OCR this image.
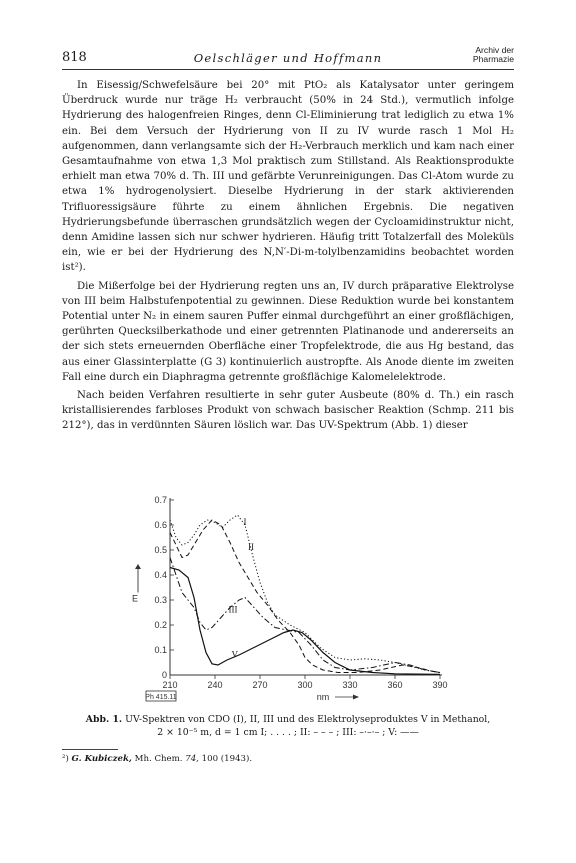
818	Oelschläger und Hoffmann
Archiv der
Pharmazie

In Eisessig/Schwefelsäure bei 20° mit PtO₂ als Katalysator unter geringem Überdruck wurde nur träge H₂ verbraucht (50% in 24 Std.), vermutlich infolge Hydrierung des halogenfreien Ringes, denn Cl-Eliminierung trat lediglich zu etwa 1% ein. Bei dem Versuch der Hydrierung von II zu IV wurde rasch 1 Mol H₂ aufgenommen, dann verlangsamte sich der H₂-Verbrauch merklich und kam nach einer Gesamtaufnahme von etwa 1,3 Mol praktisch zum Stillstand. Als Reaktionsprodukte erhielt man etwa 70% d. Th. III und gefärbte Verunreinigungen. Das Cl-Atom wurde zu etwa 1% hydrogenolysiert. Dieselbe Hydrierung in der stark aktivierenden Trifluoressigsäure führte zu einem ähnlichen Ergebnis. Die negativen Hydrierungsbefunde überraschen grundsätzlich wegen der Cycloamidinstruktur nicht, denn Amidine lassen sich nur schwer hydrieren. Häufig tritt Totalzerfall des Moleküls ein, wie er bei der Hydrierung des N,N′-Di-m-tolylbenzamidins beobachtet worden ist²).

Die Mißerfolge bei der Hydrierung regten uns an, IV durch präparative Elektrolyse von III beim Halbstufenpotential zu gewinnen. Diese Reduktion wurde bei konstantem Potential unter N₂ in einem sauren Puffer einmal durchgeführt an einer großflächigen, gerührten Quecksilberkathode und einer getrennten Platinanode und andererseits an der sich stets erneuernden Oberfläche einer Tropfelektrode, die aus Hg bestand, das aus einer Glassinterplatte (G 3) kontinuierlich austropfte. Als Anode diente im zweiten Fall eine durch ein Diaphragma getrennte großflächige Kalomelelektrode.

Nach beiden Verfahren resultierte in sehr guter Ausbeute (80% d. Th.) ein rasch kristallisierendes farbloses Produkt von schwach basischer Reaktion (Schmp. 211 bis 212°), das in verdünnten Säuren löslich war. Das UV-Spektrum (Abb. 1) dieser

0
0.1
0.2
0.3
0.4
0.5
0.6
0.7
210	240	270	300	330	360	390
E
nm
Ph 415.11
I
II
III
V
Abb. 1. UV-Spektren von CDO (I), II, III und des Elektrolyseproduktes V in Methanol,
2 × 10⁻⁵ m, d = 1 cm I; . . . . ; II: – – – ; III: –·–·– ; V: ——
²) G. Kubiczek, Mh. Chem. 74, 100 (1943).
